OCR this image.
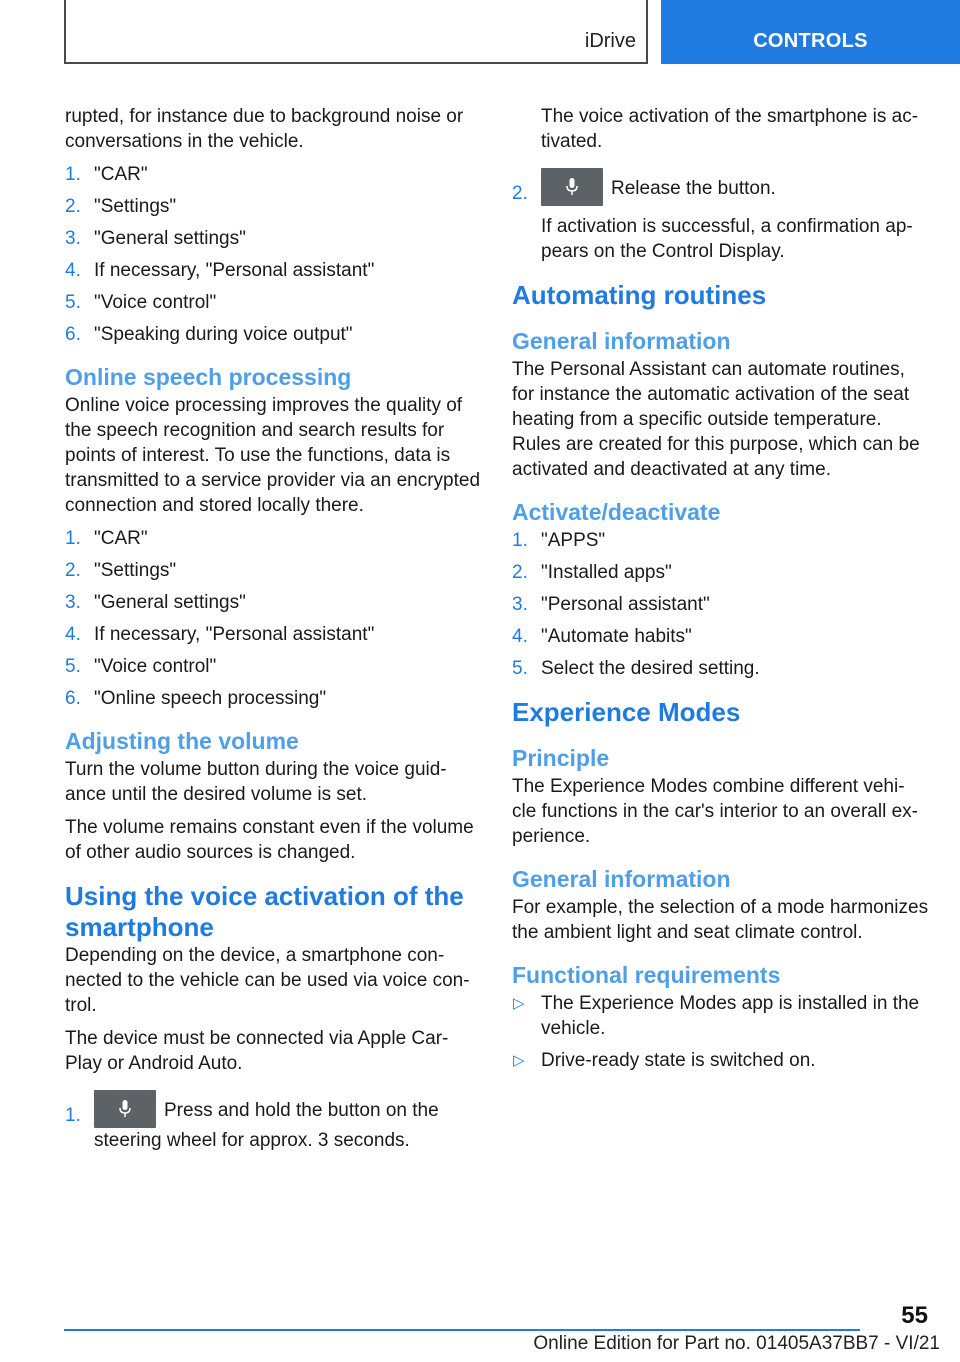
iDrive	CONTROLS

rupted, for instance due to background noise or conversations in the vehicle.

1. "CAR"
2. "Settings"
3. "General settings"
4. If necessary, "Personal assistant"
5. "Voice control"
6. "Speaking during voice output"
Online speech processing

Online voice processing improves the quality of the speech recognition and search results for points of interest. To use the functions, data is transmitted to a service provider via an encrypted connection and stored locally there.

1. "CAR"
2. "Settings"
3. "General settings"
4. If necessary, "Personal assistant"
5. "Voice control"
6. "Online speech processing"
Adjusting the volume

Turn the volume button during the voice guid‐ ance until the desired volume is set.

The volume remains constant even if the volume of other audio sources is changed.

Using the voice activation of the smartphone

Depending on the device, a smartphone con‐ nected to the vehicle can be used via voice con‐ trol.

The device must be connected via Apple Car‐ Play or Android Auto.

1.	Press and hold the button on the steering wheel for approx. 3 seconds.

The voice activation of the smartphone is ac‐ tivated.

2.	Release the button.

If activation is successful, a confirmation ap‐ pears on the Control Display.

Automating routines
General information

The Personal Assistant can automate routines, for instance the automatic activation of the seat heating from a specific outside temperature. Rules are created for this purpose, which can be activated and deactivated at any time.

Activate/deactivate
1. "APPS"
2. "Installed apps"
3. "Personal assistant"
4. "Automate habits"
5. Select the desired setting.
Experience Modes
Principle

The Experience Modes combine different vehi‐ cle functions in the car's interior to an overall ex‐ perience.

General information

For example, the selection of a mode harmonizes the ambient light and seat climate control.

Functional requirements
▷ The Experience Modes app is installed in the vehicle.
▷ Drive-ready state is switched on.
55
Online Edition for Part no. 01405A37BB7 - VI/21
